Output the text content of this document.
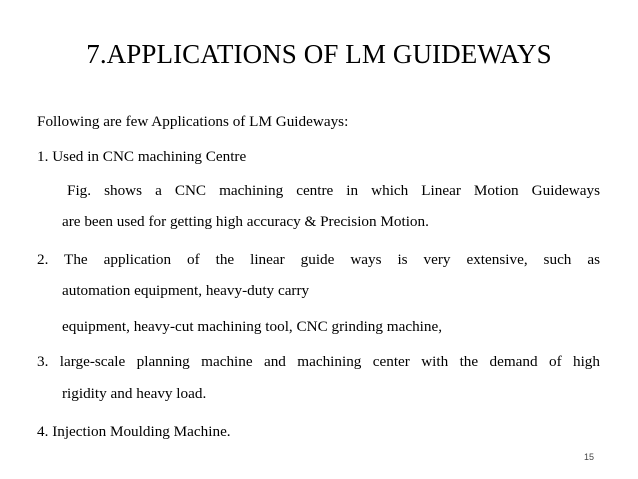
7.APPLICATIONS OF LM GUIDEWAYS
Following are few Applications of LM Guideways:
1. Used in CNC machining Centre
Fig. shows a CNC machining centre in which Linear Motion Guideways
are been used for getting high accuracy & Precision Motion.
2. The application of the linear guide ways is very extensive, such as
automation equipment, heavy-duty carry
equipment, heavy-cut machining tool, CNC grinding machine,
3. large-scale planning machine and machining center with the demand of high
rigidity and heavy load.
4. Injection Moulding Machine.
15
